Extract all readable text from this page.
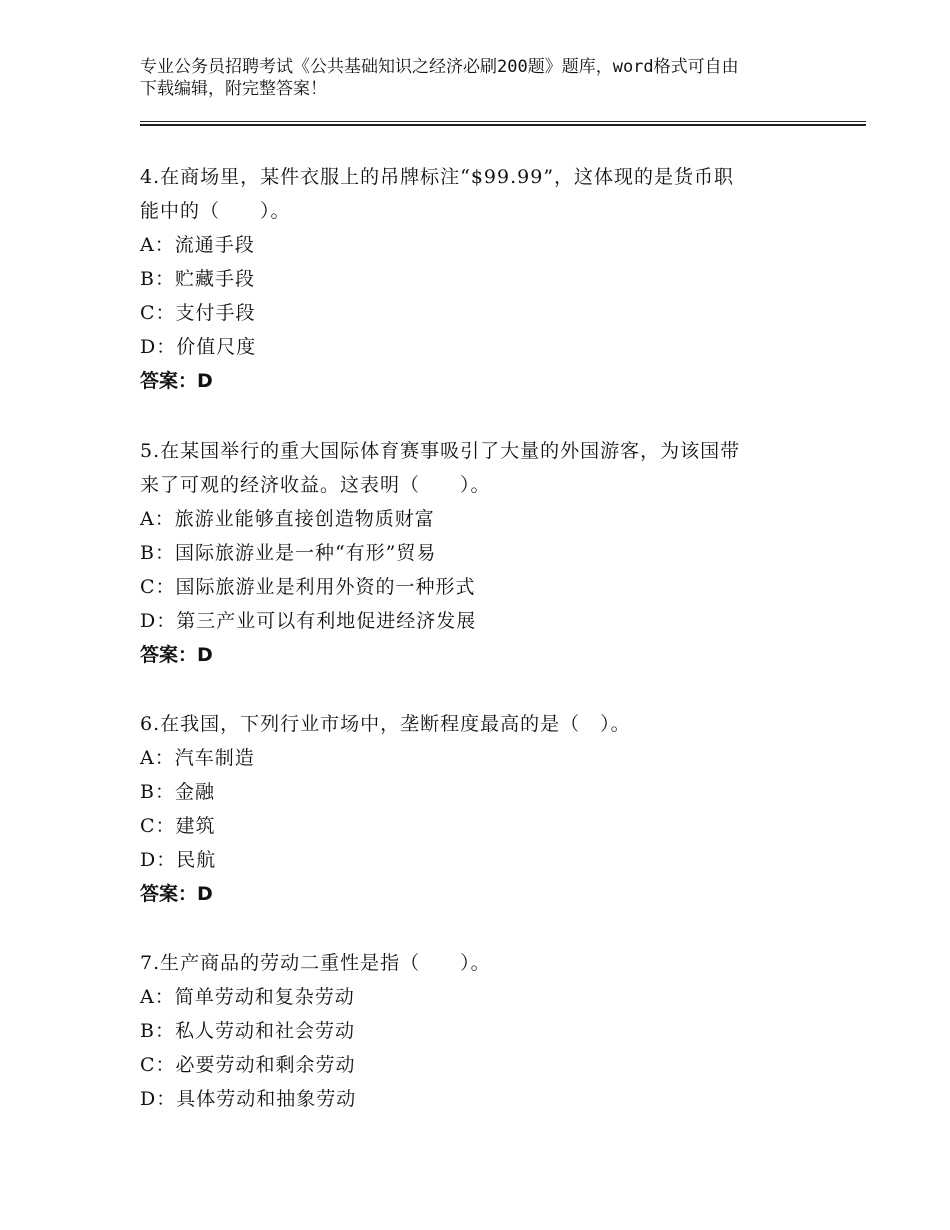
专业公务员招聘考试《公共基础知识之经济必刷200题》题库，word格式可自由

下载编辑，附完整答案！

4.在商场里，某件衣服上的吊牌标注“$99.99”，这体现的是货币职

能中的（　　）。

A：流通手段

B：贮藏手段

C：支付手段

D：价值尺度

答案：D

5.在某国举行的重大国际体育赛事吸引了大量的外国游客，为该国带

来了可观的经济收益。这表明（　　）。

A：旅游业能够直接创造物质财富

B：国际旅游业是一种“有形”贸易

C：国际旅游业是利用外资的一种形式

D：第三产业可以有利地促进经济发展

答案：D

6.在我国，下列行业市场中，垄断程度最高的是（　）。

A：汽车制造

B：金融

C：建筑

D：民航

答案：D

7.生产商品的劳动二重性是指（　　）。

A：简单劳动和复杂劳动

B：私人劳动和社会劳动

C：必要劳动和剩余劳动

D：具体劳动和抽象劳动
